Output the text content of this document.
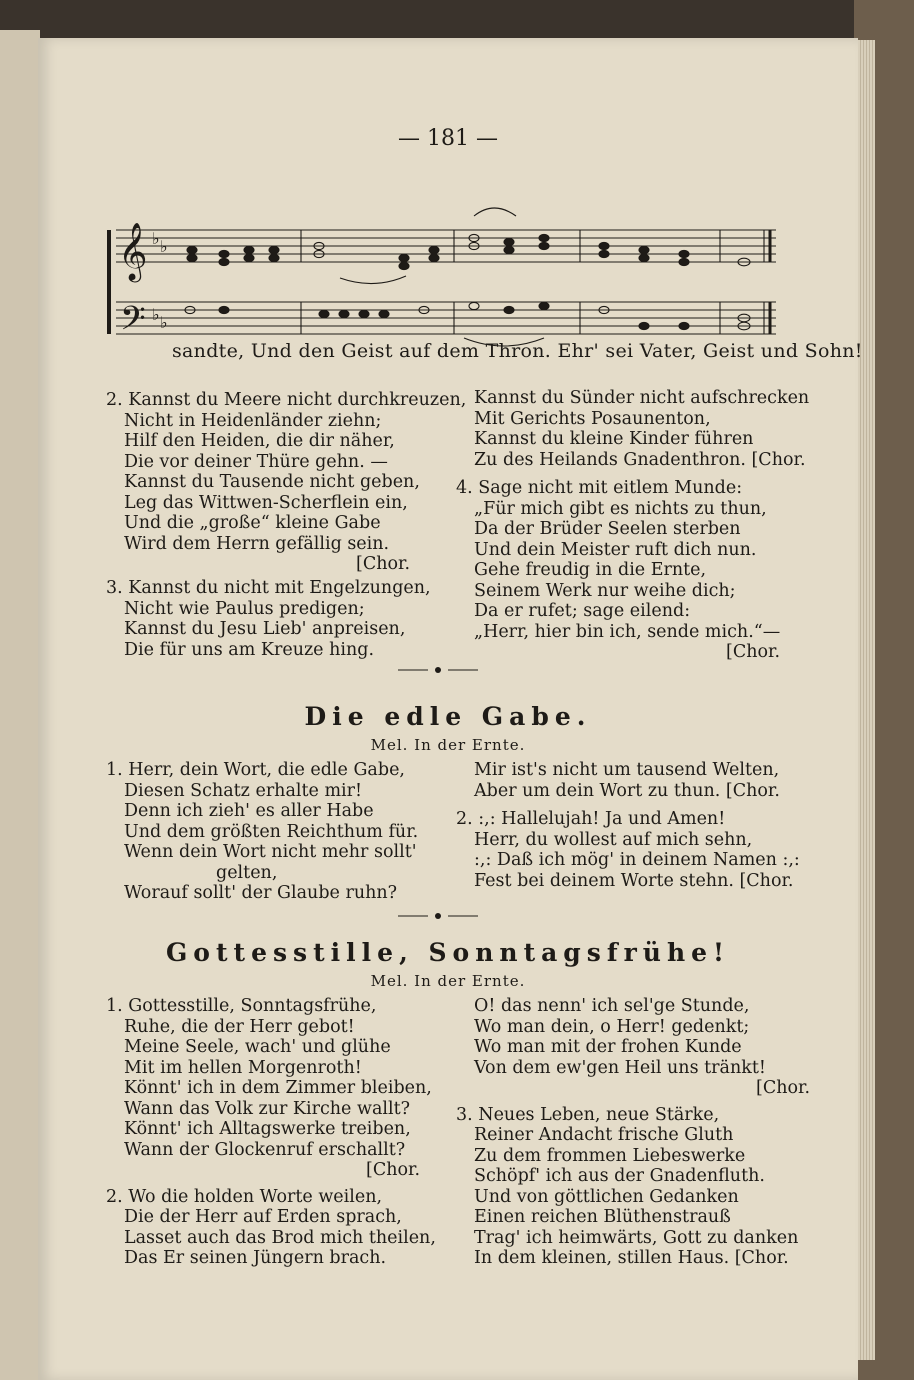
— 181 —
𝄞
𝄢
♭ ♭
♭ ♭
sandte, Und den Geist auf dem Thron. Ehr' sei Vater, Geist und Sohn!
2. Kannst du Meere nicht durchkreuzen,
Nicht in Heidenländer ziehn;
Hilf den Heiden, die dir näher,
Die vor deiner Thüre gehn. —
Kannst du Tausende nicht geben,
Leg das Wittwen-Scherflein ein,
Und die „große“ kleine Gabe
Wird dem Herrn gefällig sein.
[Chor.
3. Kannst du nicht mit Engelzungen,
Nicht wie Paulus predigen;
Kannst du Jesu Lieb' anpreisen,
Die für uns am Kreuze hing.
Kannst du Sünder nicht aufschrecken
Mit Gerichts Posaunenton,
Kannst du kleine Kinder führen
Zu des Heilands Gnadenthron. [Chor.
4. Sage nicht mit eitlem Munde:
„Für mich gibt es nichts zu thun,
Da der Brüder Seelen sterben
Und dein Meister ruft dich nun.
Gehe freudig in die Ernte,
Seinem Werk nur weihe dich;
Da er rufet; sage eilend:
„Herr, hier bin ich, sende mich.“—
[Chor.
Die edle Gabe.
Mel. In der Ernte.
1. Herr, dein Wort, die edle Gabe,
Diesen Schatz erhalte mir!
Denn ich zieh' es aller Habe
Und dem größten Reichthum für.
Wenn dein Wort nicht mehr sollt'
gelten,
Worauf sollt' der Glaube ruhn?
Mir ist's nicht um tausend Welten,
Aber um dein Wort zu thun. [Chor.
2. :,: Hallelujah! Ja und Amen!
Herr, du wollest auf mich sehn,
:,: Daß ich mög' in deinem Namen :,:
Fest bei deinem Worte stehn. [Chor.
Gottesstille, Sonntagsfrühe!
Mel. In der Ernte.
1. Gottesstille, Sonntagsfrühe,
Ruhe, die der Herr gebot!
Meine Seele, wach' und glühe
Mit im hellen Morgenroth!
Könnt' ich in dem Zimmer bleiben,
Wann das Volk zur Kirche wallt?
Könnt' ich Alltagswerke treiben,
Wann der Glockenruf erschallt?
[Chor.
2. Wo die holden Worte weilen,
Die der Herr auf Erden sprach,
Lasset auch das Brod mich theilen,
Das Er seinen Jüngern brach.
O! das nenn' ich sel'ge Stunde,
Wo man dein, o Herr! gedenkt;
Wo man mit der frohen Kunde
Von dem ew'gen Heil uns tränkt!
[Chor.
3. Neues Leben, neue Stärke,
Reiner Andacht frische Gluth
Zu dem frommen Liebeswerke
Schöpf' ich aus der Gnadenfluth.
Und von göttlichen Gedanken
Einen reichen Blüthenstrauß
Trag' ich heimwärts, Gott zu danken
In dem kleinen, stillen Haus. [Chor.
